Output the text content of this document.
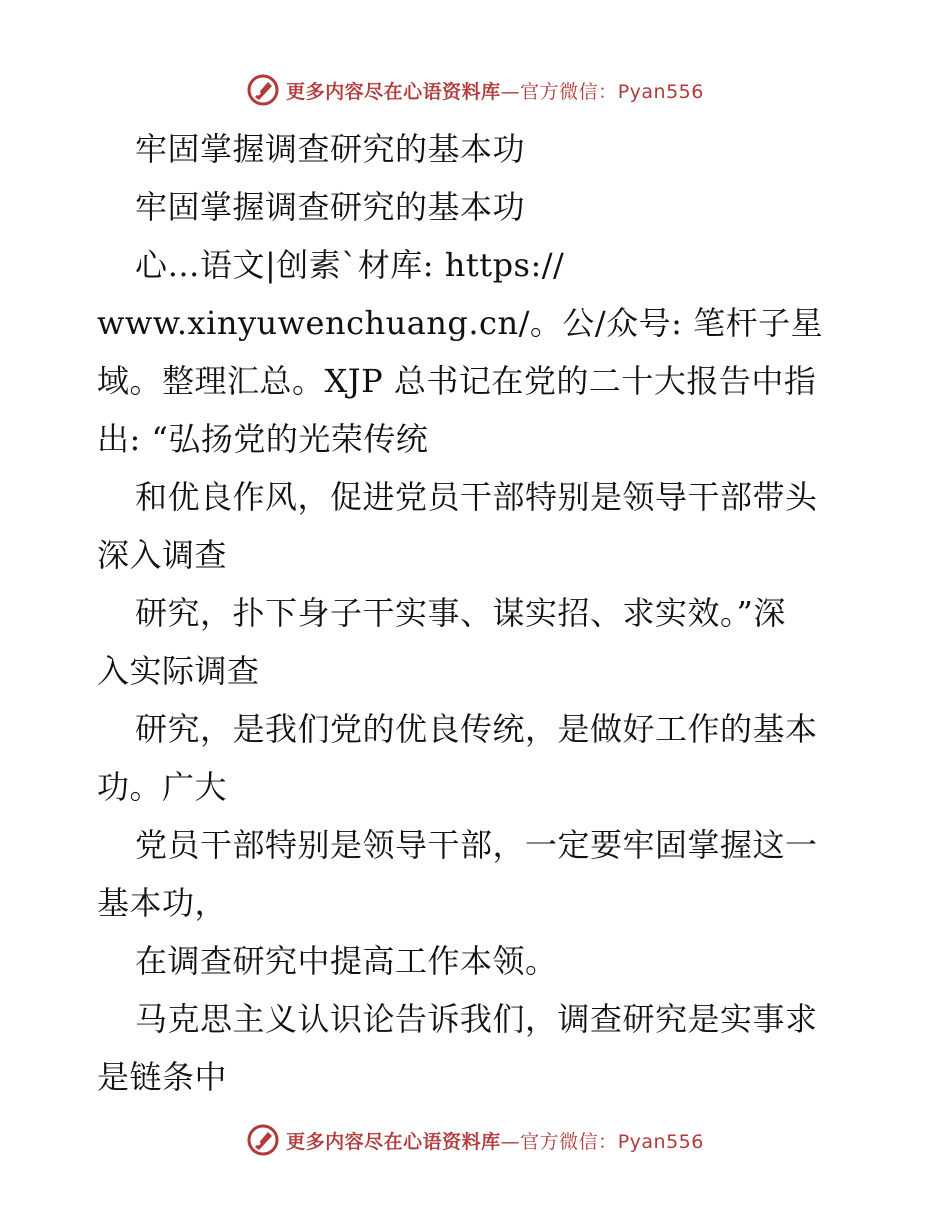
更多内容尽在心语资料库—官方微信：Pyan556
牢固掌握调查研究的基本功
牢固掌握调查研究的基本功
心…语文|创素`材库: https://
www.xinyuwenchuang.cn/。公/众号: 笔杆子星
域。整理汇总。XJP 总书记在党的二十大报告中指
出: “弘扬党的光荣传统
和优良作风，促进党员干部特别是领导干部带头
深入调查
研究，扑下身子干实事、谋实招、求实效。”深
入实际调查
研究，是我们党的优良传统，是做好工作的基本
功。广大
党员干部特别是领导干部，一定要牢固掌握这一
基本功，
在调查研究中提高工作本领。
马克思主义认识论告诉我们，调查研究是实事求
是链条中
更多内容尽在心语资料库—官方微信：Pyan556
